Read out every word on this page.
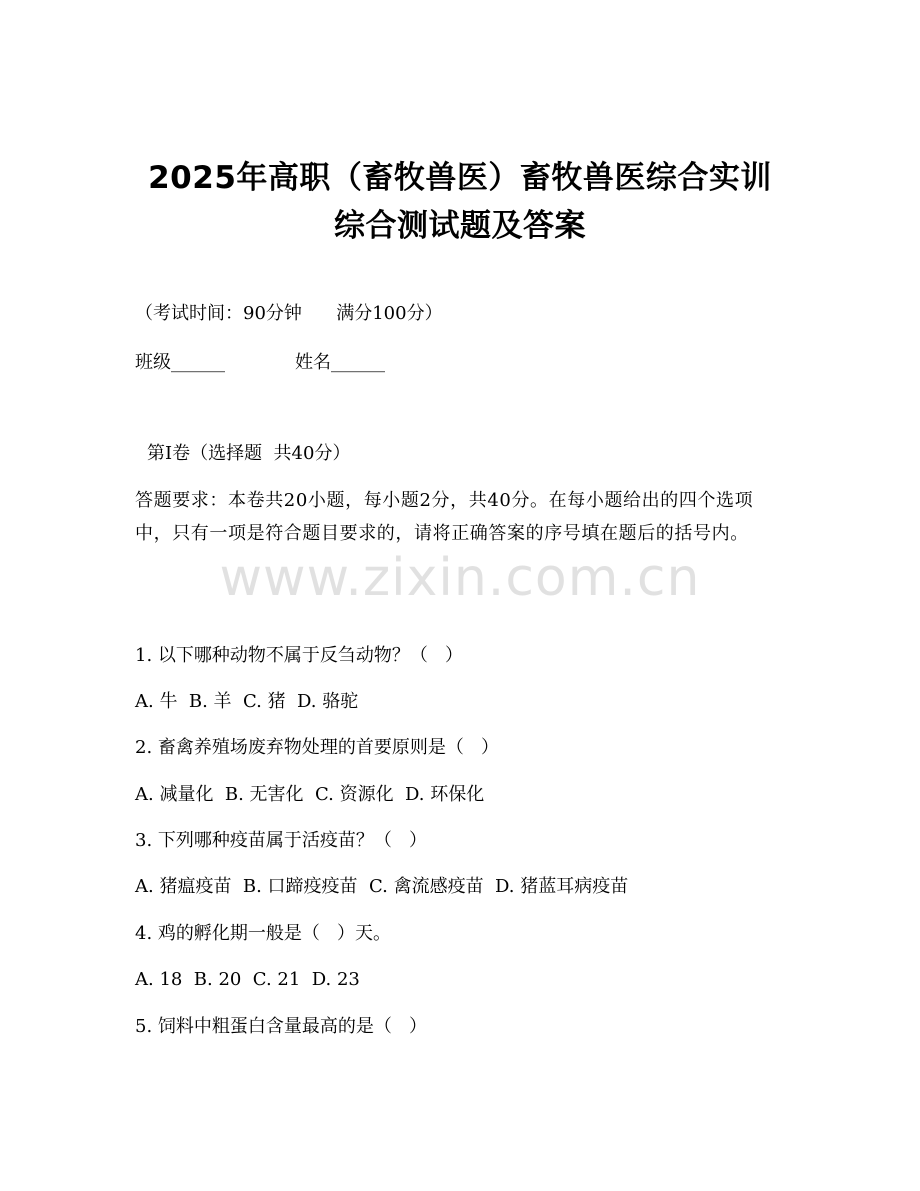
2025年高职（畜牧兽医）畜牧兽医综合实训
综合测试题及答案
（考试时间：90分钟      满分100分）
班级______	姓名______
第I卷（选择题  共40分）
答题要求：本卷共20小题，每小题2分，共40分。在每小题给出的四个选项中，只有一项是符合题目要求的，请将正确答案的序号填在题后的括号内。
www.zixin.com.cn
1. 以下哪种动物不属于反刍动物？（   ）
A. 牛  B. 羊  C. 猪  D. 骆驼
2. 畜禽养殖场废弃物处理的首要原则是（   ）
A. 减量化  B. 无害化  C. 资源化  D. 环保化
3. 下列哪种疫苗属于活疫苗？（   ）
A. 猪瘟疫苗  B. 口蹄疫疫苗  C. 禽流感疫苗  D. 猪蓝耳病疫苗
4. 鸡的孵化期一般是（   ）天。
A. 18  B. 20  C. 21  D. 23
5. 饲料中粗蛋白含量最高的是（   ）
